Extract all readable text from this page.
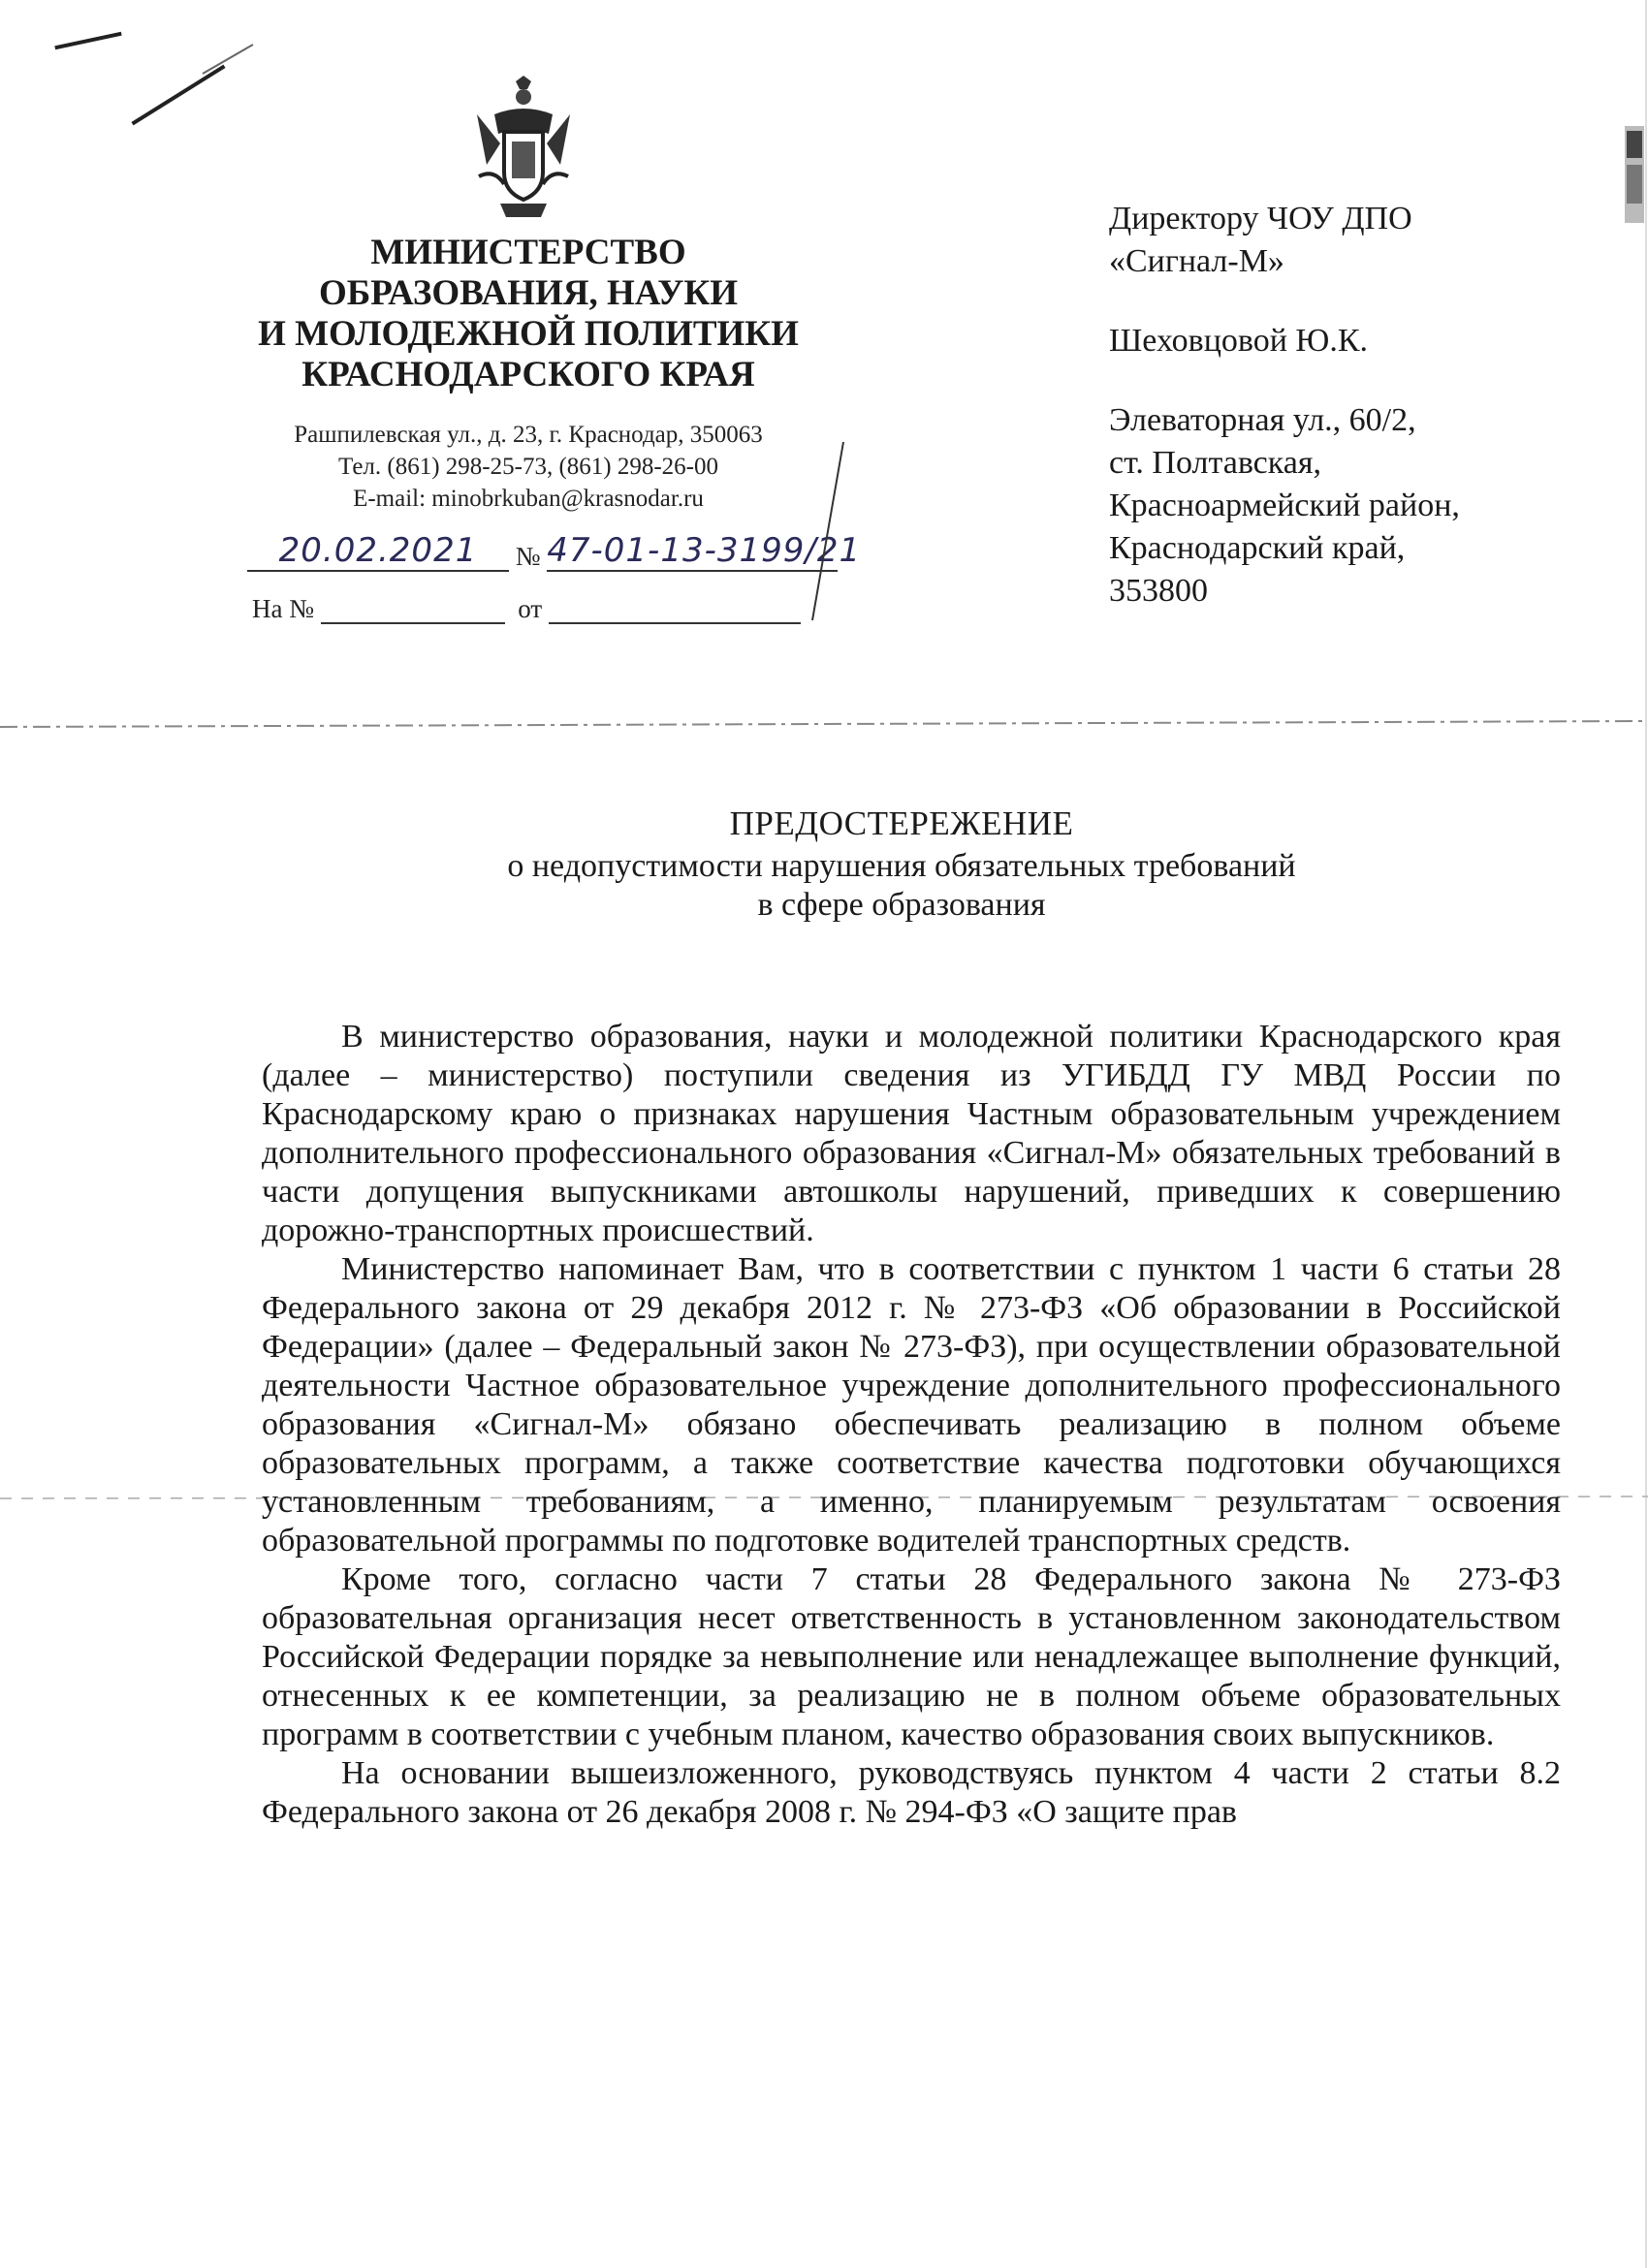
МИНИСТЕРСТВО
ОБРАЗОВАНИЯ, НАУКИ
И МОЛОДЕЖНОЙ ПОЛИТИКИ
КРАСНОДАРСКОГО КРАЯ
Рашпилевская ул., д. 23, г. Краснодар, 350063
Тел. (861) 298-25-73, (861) 298-26-00
E-mail: minobrkuban@krasnodar.ru
20.02.2021 № 47-01-13-3199/21
На №	от
Директору ЧОУ ДПО
«Сигнал-М»
Шеховцовой Ю.К.
Элеваторная ул., 60/2,
ст. Полтавская,
Красноармейский район,
Краснодарский край,
353800
ПРЕДОСТЕРЕЖЕНИЕ
о недопустимости нарушения обязательных требований
в сфере образования

В министерство образования, науки и молодежной политики Краснодарского края (далее – министерство) поступили сведения из УГИБДД ГУ МВД России по Краснодарскому краю о признаках нарушения Частным образовательным учреждением дополнительного профессионального образования «Сигнал-М» обязательных требований в части допущения выпускниками автошколы нарушений, приведших к совершению дорожно-транспортных происшествий.

Министерство напоминает Вам, что в соответствии с пунктом 1 части 6 статьи 28 Федерального закона от 29 декабря 2012 г. № 273-ФЗ «Об образовании в Российской Федерации» (далее – Федеральный закон № 273-ФЗ), при осуществлении образовательной деятельности Частное образовательное учреждение дополнительного профессионального образования «Сигнал-М» обязано обеспечивать реализацию в полном объеме образовательных программ, а также соответствие качества подготовки обучающихся установленным требованиям, а именно, планируемым результатам освоения образовательной программы по подготовке водителей транспортных средств.

Кроме того, согласно части 7 статьи 28 Федерального закона № 273-ФЗ образовательная организация несет ответственность в установленном законодательством Российской Федерации порядке за невыполнение или ненадлежащее выполнение функций, отнесенных к ее компетенции, за реализацию не в полном объеме образовательных программ в соответствии с учебным планом, качество образования своих выпускников.

На основании вышеизложенного, руководствуясь пунктом 4 части 2 статьи 8.2 Федерального закона от 26 декабря 2008 г. № 294-ФЗ «О защите прав
